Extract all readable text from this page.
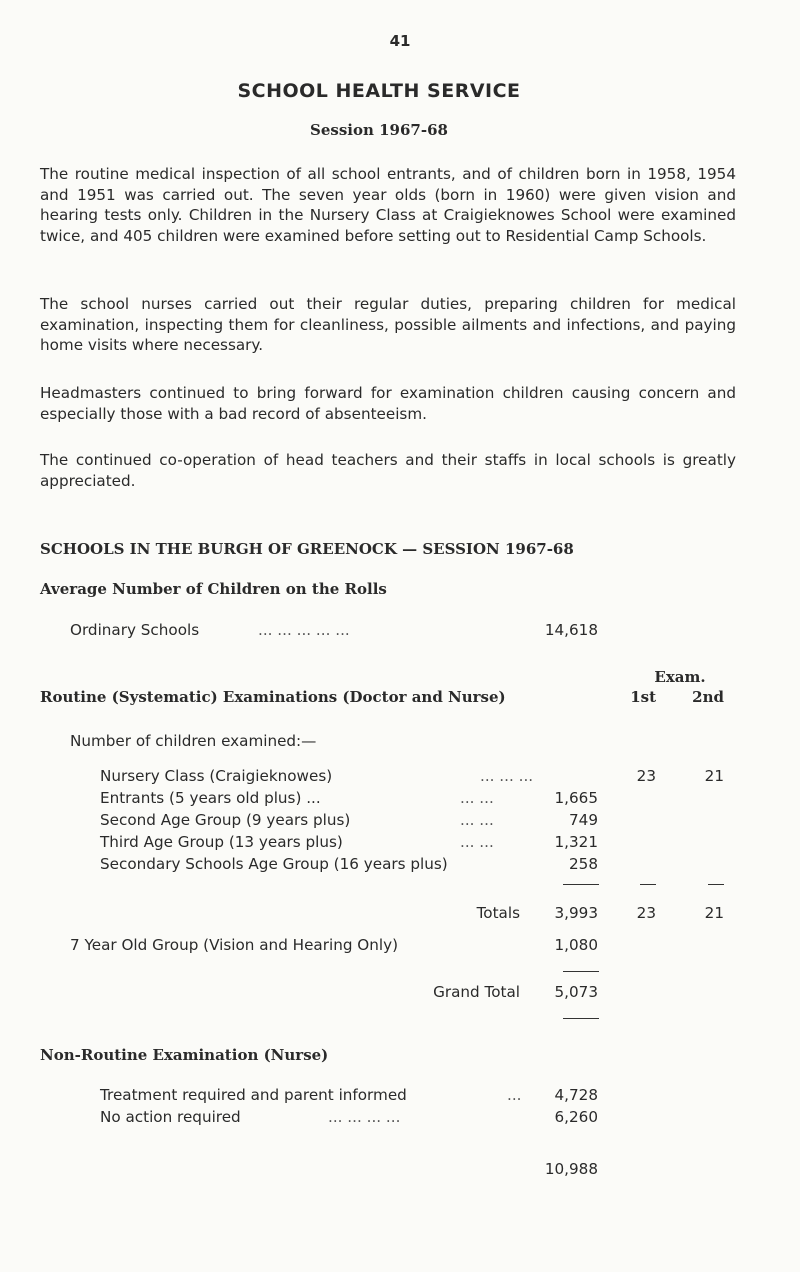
41
SCHOOL HEALTH SERVICE
Session 1967-68

The routine medical inspection of all school entrants, and of children born in 1958, 1954 and 1951 was carried out. The seven year olds (born in 1960) were given vision and hearing tests only. Children in the Nursery Class at Craigieknowes School were examined twice, and 405 children were examined before setting out to Residential Camp Schools.

The school nurses carried out their regular duties, preparing children for medical examination, inspecting them for cleanliness, possible ailments and infections, and paying home visits where necessary.

Headmasters continued to bring forward for examination children causing concern and especially those with a bad record of absenteeism.

The continued co-operation of head teachers and their staffs in local schools is greatly appreciated.

SCHOOLS IN THE BURGH OF GREENOCK — SESSION 1967-68
Average Number of Children on the Rolls
Ordinary Schools	... ... ... ... ...	14,618
Exam.
Routine (Systematic) Examinations (Doctor and Nurse)	1st	2nd
Number of children examined:—
Nursery Class (Craigieknowes)	... ... ...	23	21
Entrants (5 years old plus) ...	... ...	1,665
Second Age Group (9 years plus)	... ...	749
Third Age Group (13 years plus)	... ...	1,321
Secondary Schools Age Group (16 years plus)	258
Totals	3,993	23	21
7 Year Old Group (Vision and Hearing Only)	1,080
Grand Total	5,073
Non-Routine Examination (Nurse)
Treatment required and parent informed	...	4,728
No action required	... ... ... ...	6,260
10,988
